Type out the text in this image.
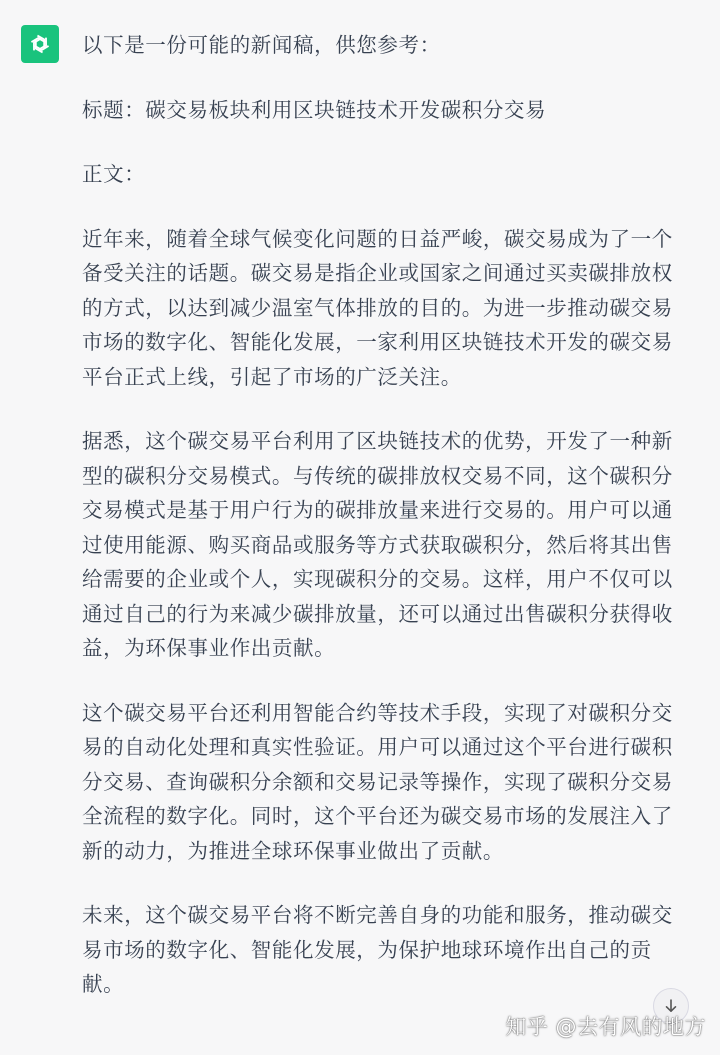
以下是一份可能的新闻稿，供您参考：

标题：碳交易板块利用区块链技术开发碳积分交易

正文：

近年来，随着全球气候变化问题的日益严峻，碳交易成为了一个备受关注的话题。碳交易是指企业或国家之间通过买卖碳排放权的方式，以达到减少温室气体排放的目的。为进一步推动碳交易市场的数字化、智能化发展，一家利用区块链技术开发的碳交易平台正式上线，引起了市场的广泛关注。

据悉，这个碳交易平台利用了区块链技术的优势，开发了一种新型的碳积分交易模式。与传统的碳排放权交易不同，这个碳积分交易模式是基于用户行为的碳排放量来进行交易的。用户可以通过使用能源、购买商品或服务等方式获取碳积分，然后将其出售给需要的企业或个人，实现碳积分的交易。这样，用户不仅可以通过自己的行为来减少碳排放量，还可以通过出售碳积分获得收益，为环保事业作出贡献。

这个碳交易平台还利用智能合约等技术手段，实现了对碳积分交易的自动化处理和真实性验证。用户可以通过这个平台进行碳积分交易、查询碳积分余额和交易记录等操作，实现了碳积分交易全流程的数字化。同时，这个平台还为碳交易市场的发展注入了新的动力，为推进全球环保事业做出了贡献。

未来，这个碳交易平台将不断完善自身的功能和服务，推动碳交易市场的数字化、智能化发展，为保护地球环境作出自己的贡献。

知乎 @去有风的地方
